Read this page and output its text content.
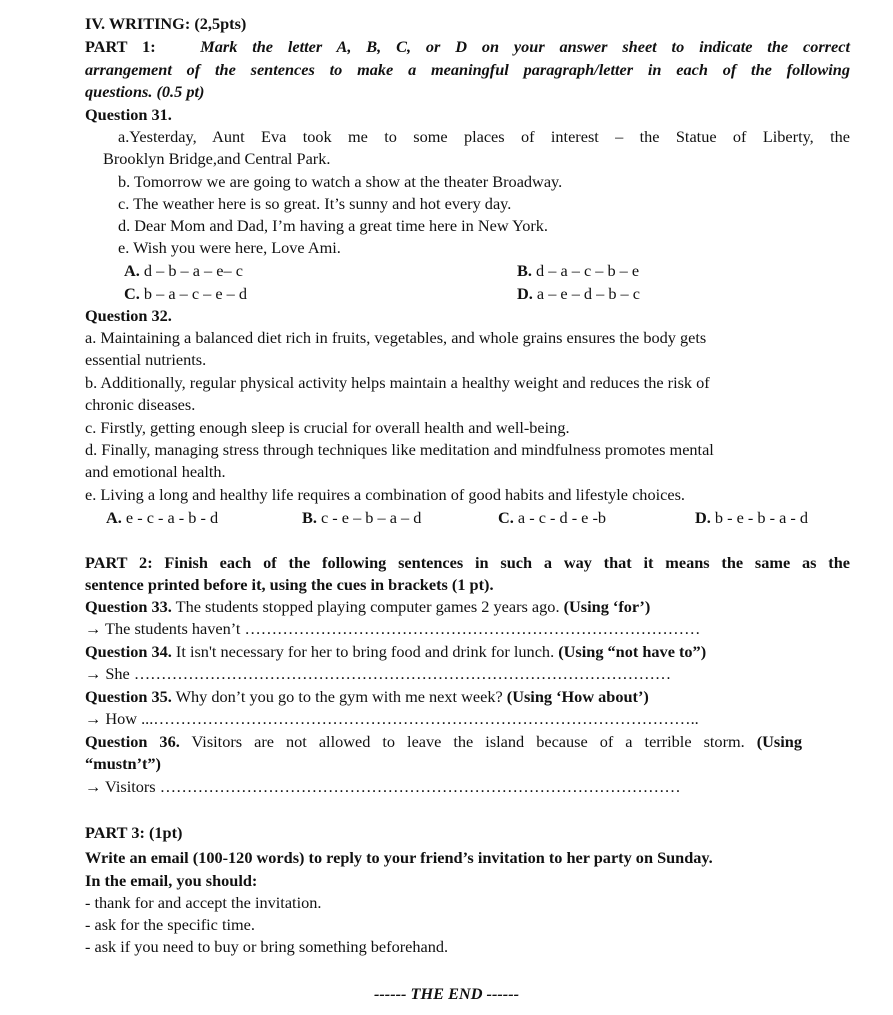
IV. WRITING: (2,5pts)
PART 1:	Mark the letter A, B, C, or D on your answer sheet to indicate the correct
arrangement of the sentences to make a meaningful paragraph/letter in each of the following
questions. (0.5 pt)
Question 31.
a.Yesterday, Aunt Eva took me to some places of interest – the Statue of Liberty, the
Brooklyn Bridge,and Central Park.
b. Tomorrow we are going to watch a show at the theater Broadway.
c. The weather here is so great. It’s sunny and hot every day.
d. Dear Mom and Dad, I’m having a great time here in New York.
e. Wish you were here, Love Ami.
A. d – b – a – e– c	B. d – a – c – b – e
C. b – a – c – e – d	D. a – e – d – b – c
Question 32.
a. Maintaining a balanced diet rich in fruits, vegetables, and whole grains ensures the body gets
essential nutrients.
b. Additionally, regular physical activity helps maintain a healthy weight and reduces the risk of
chronic diseases.
c. Firstly, getting enough sleep is crucial for overall health and well-being.
d. Finally, managing stress through techniques like meditation and mindfulness promotes mental
and emotional health.
e. Living a long and healthy life requires a combination of good habits and lifestyle choices.
A. e - c - a - b - d	B. c - e – b – a – d	C. a - c - d - e -b	D. b - e - b - a - d
PART 2: Finish each of the following sentences in such a way that it means the same as the
sentence printed before it, using the cues in brackets (1 pt).
Question 33. The students stopped playing computer games 2 years ago. (Using ‘for’)
→ The students haven’t …………………………………………………………………………
Question 34. It isn't necessary for her to bring food and drink for lunch. (Using “not have to”)
→ She ………………………………………………………………………………………
Question 35. Why don’t you go to the gym with me next week? (Using ‘How about’)
→ How ...………………………………………………………………………………………..
Question 36. Visitors are not allowed to leave the island because of a terrible storm. (Using
“mustn’t”)
→ Visitors ……………………………………………………………………………………
PART 3: (1pt)
Write an email (100-120 words) to reply to your friend’s invitation to her party on Sunday.
In the email, you should:
- thank for and accept the invitation.
- ask for the specific time.
- ask if you need to buy or bring something beforehand.
------ THE END ------
